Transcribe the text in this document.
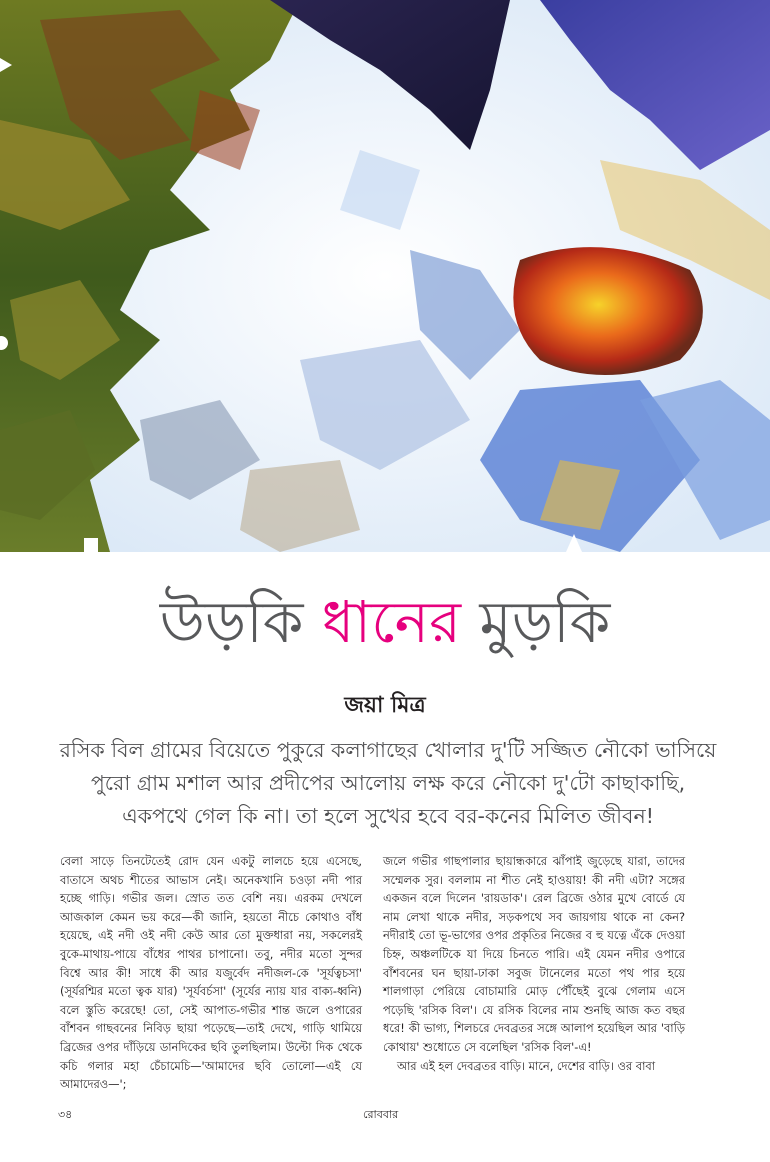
উড়কি ধানের মুড়কি

জয়া মিত্র

রসিক বিল গ্রামের বিয়েতে পুকুরে কলাগাছের খোলার দু'টি সজ্জিত নৌকো ভাসিয়ে পুরো গ্রাম মশাল আর প্রদীপের আলোয় লক্ষ করে নৌকো দু'টো কাছাকাছি, একপথে গেল কি না। তা হলে সুখের হবে বর-কনের মিলিত জীবন!

বেলা সাড়ে তিনটেতেই রোদ যেন একটু লালচে হয়ে এসেছে, বাতাসে অথচ শীতের আভাস নেই। অনেকখানি চওড়া নদী পার হচ্ছে গাড়ি। গভীর জল। স্রোত তত বেশি নয়। এরকম দেখলে আজকাল কেমন ভয় করে—কী জানি, হয়তো নীচে কোথাও বাঁধ হয়েছে, এই নদী ওই নদী কেউ আর তো মুক্তধারা নয়, সকলেরই বুকে-মাথায়-পায়ে বাঁধের পাথর চাপানো। তবু, নদীর মতো সুন্দর বিশ্বে আর কী! সাধে কী আর যজুর্বেদ নদীজল-কে 'সূর্যত্বচসা' (সূর্যরশ্মির মতো ত্বক যার) 'সূর্যবর্চসা' (সূর্যের ন্যায় যার বাক্য-ধ্বনি) বলে স্তুতি করেছে! তো, সেই আপাত-গভীর শান্ত জলে ওপারের বাঁশবন গাছবনের নিবিড় ছায়া পড়েছে—তাই দেখে, গাড়ি থামিয়ে ব্রিজের ওপর দাঁড়িয়ে ডানদিকের ছবি তুলছিলাম। উল্টো দিক থেকে কচি গলার মহা চেঁচামেচি—'আমাদের ছবি তোলো—এই যে আমাদেরও—';

জলে গভীর গাছপালার ছায়ান্ধকারে ঝাঁপাই জুড়েছে যারা, তাদের সম্মেলক সুর। বললাম না শীত নেই হাওয়ায়! কী নদী এটা? সঙ্গের একজন বলে দিলেন 'রায়ডাক'। রেল ব্রিজে ওঠার মুখে বোর্ডে যে নাম লেখা থাকে নদীর, সড়কপথে সব জায়গায় থাকে না কেন? নদীরাই তো ভূ-ভাগের ওপর প্রকৃতির নিজের ব হু যত্নে এঁকে দেওয়া চিহ্ন, অঞ্চলটিকে যা দিয়ে চিনতে পারি। এই যেমন নদীর ওপারে বাঁশবনের ঘন ছায়া-ঢাকা সবুজ টানেলের মতো পথ পার হয়ে শালগাড়া পেরিয়ে বোচামারি মোড় পৌঁছেই বুঝে গেলাম এসে পড়েছি 'রসিক বিল'। যে রসিক বিলের নাম শুনছি আজ কত বছর ধরে! কী ভাগ্য, শিলচরে দেবব্রতর সঙ্গে আলাপ হয়েছিল আর 'বাড়ি কোথায়' শুধোতে সে বলেছিল 'রসিক বিল'-এ!

আর এই হল দেবব্রতর বাড়ি। মানে, দেশের বাড়ি। ওর বাবা

৩৪	রোববার
